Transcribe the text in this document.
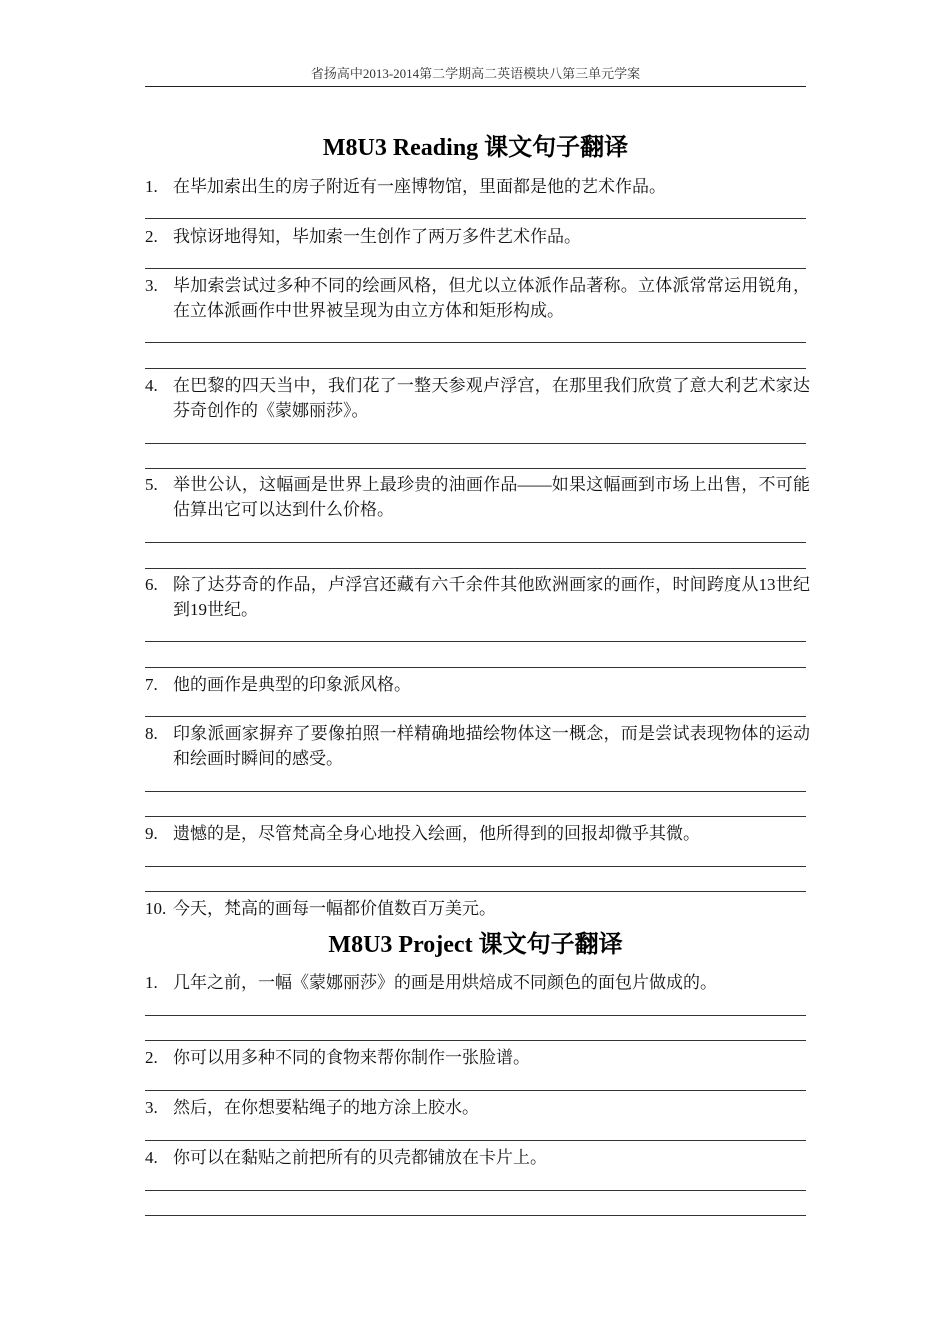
省扬高中2013-2014第二学期高二英语模块八第三单元学案
M8U3 Reading 课文句子翻译
1. 在毕加索出生的房子附近有一座博物馆，里面都是他的艺术作品。
2. 我惊讶地得知，毕加索一生创作了两万多件艺术作品。
3. 毕加索尝试过多种不同的绘画风格，但尤以立体派作品著称。立体派常常运用锐角，在立体派画作中世界被呈现为由立方体和矩形构成。
4. 在巴黎的四天当中，我们花了一整天参观卢浮宫，在那里我们欣赏了意大利艺术家达芬奇创作的《蒙娜丽莎》。
5. 举世公认，这幅画是世界上最珍贵的油画作品——如果这幅画到市场上出售，不可能估算出它可以达到什么价格。
6. 除了达芬奇的作品，卢浮宫还藏有六千余件其他欧洲画家的画作，时间跨度从13世纪到19世纪。
7. 他的画作是典型的印象派风格。
8. 印象派画家摒弃了要像拍照一样精确地描绘物体这一概念，而是尝试表现物体的运动和绘画时瞬间的感受。
9. 遗憾的是，尽管梵高全身心地投入绘画，他所得到的回报却微乎其微。
10. 今天，梵高的画每一幅都价值数百万美元。
M8U3 Project 课文句子翻译
1. 几年之前，一幅《蒙娜丽莎》的画是用烘焙成不同颜色的面包片做成的。
2. 你可以用多种不同的食物来帮你制作一张脸谱。
3. 然后，在你想要粘绳子的地方涂上胶水。
4. 你可以在黏贴之前把所有的贝壳都铺放在卡片上。
